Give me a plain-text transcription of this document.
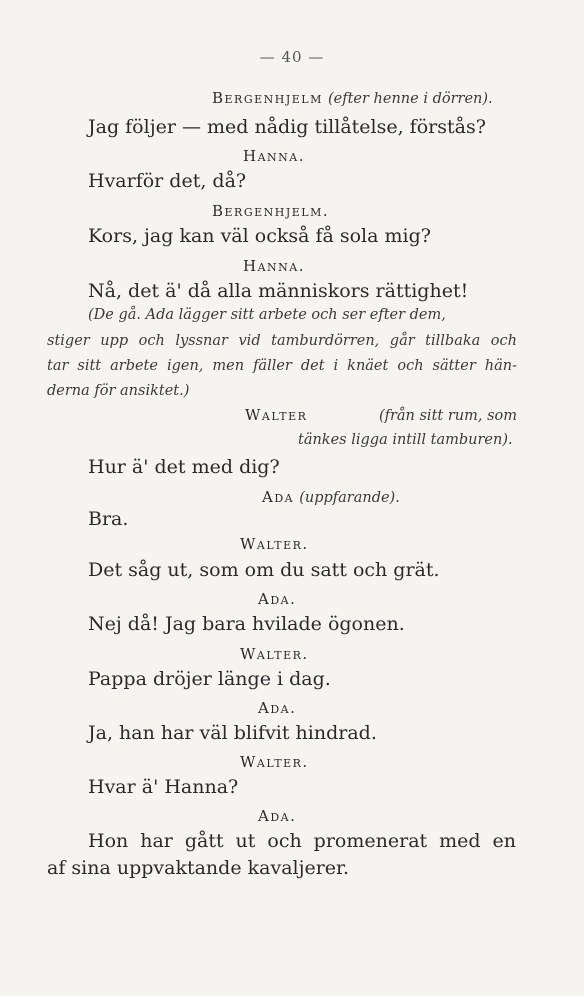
— 40 —
Bergenhjelm (efter henne i dörren).
Jag följer — med nådig tillåtelse, förstås?
Hanna.
Hvarför det, då?
Bergenhjelm.
Kors, jag kan väl också få sola mig?
Hanna.
Nå, det ä' då alla människors rättighet!
(De gå. Ada lägger sitt arbete och ser efter dem,
stiger upp och lyssnar vid tamburdörren, går tillbaka och
tar sitt arbete igen, men fäller det i knäet och sätter hän-
derna för ansiktet.)
Walter	(från sitt rum, som
tänkes ligga intill tamburen).
Hur ä' det med dig?
Ada (uppfarande).
Bra.
Walter.
Det såg ut, som om du satt och grät.
Ada.
Nej då! Jag bara hvilade ögonen.
Walter.
Pappa dröjer länge i dag.
Ada.
Ja, han har väl blifvit hindrad.
Walter.
Hvar ä' Hanna?
Ada.
Hon har gått ut och promenerat med en
af sina uppvaktande kavaljerer.
